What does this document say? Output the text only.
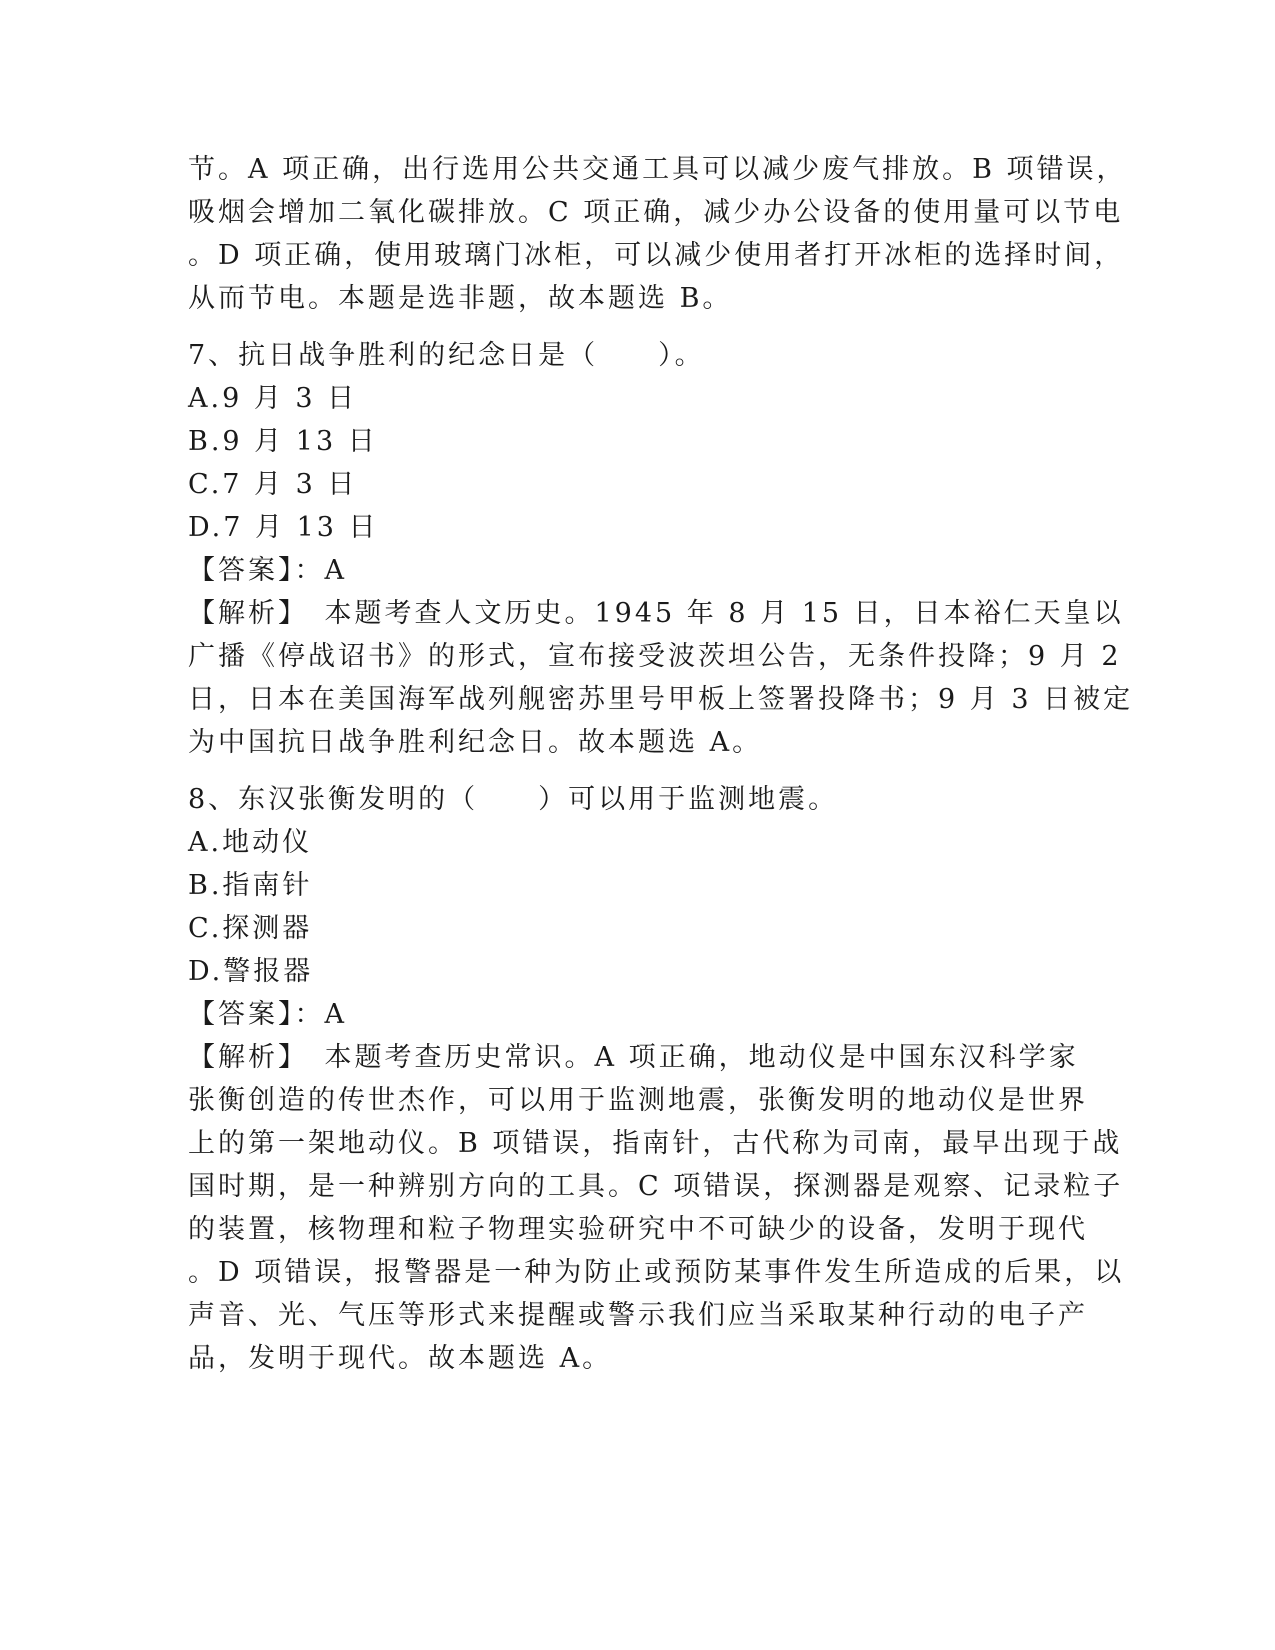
节。A 项正确，出行选用公共交通工具可以减少废气排放。B 项错误，

吸烟会增加二氧化碳排放。C 项正确，减少办公设备的使用量可以节电

。D 项正确，使用玻璃门冰柜，可以减少使用者打开冰柜的选择时间，

从而节电。本题是选非题，故本题选 B。

7、抗日战争胜利的纪念日是（　　）。

A.9 月 3 日

B.9 月 13 日

C.7 月 3 日

D.7 月 13 日

【答案】：A

【解析】　本题考查人文历史。1945 年 8 月 15 日，日本裕仁天皇以

广播《停战诏书》的形式，宣布接受波茨坦公告，无条件投降；9 月 2

日，日本在美国海军战列舰密苏里号甲板上签署投降书；9 月 3 日被定

为中国抗日战争胜利纪念日。故本题选 A。

8、东汉张衡发明的（　　）可以用于监测地震。

A.地动仪

B.指南针

C.探测器

D.警报器

【答案】：A

【解析】　本题考查历史常识。A 项正确，地动仪是中国东汉科学家

张衡创造的传世杰作，可以用于监测地震，张衡发明的地动仪是世界

上的第一架地动仪。B 项错误，指南针，古代称为司南，最早出现于战

国时期，是一种辨别方向的工具。C 项错误，探测器是观察、记录粒子

的装置，核物理和粒子物理实验研究中不可缺少的设备，发明于现代

。D 项错误，报警器是一种为防止或预防某事件发生所造成的后果，以

声音、光、气压等形式来提醒或警示我们应当采取某种行动的电子产

品，发明于现代。故本题选 A。
